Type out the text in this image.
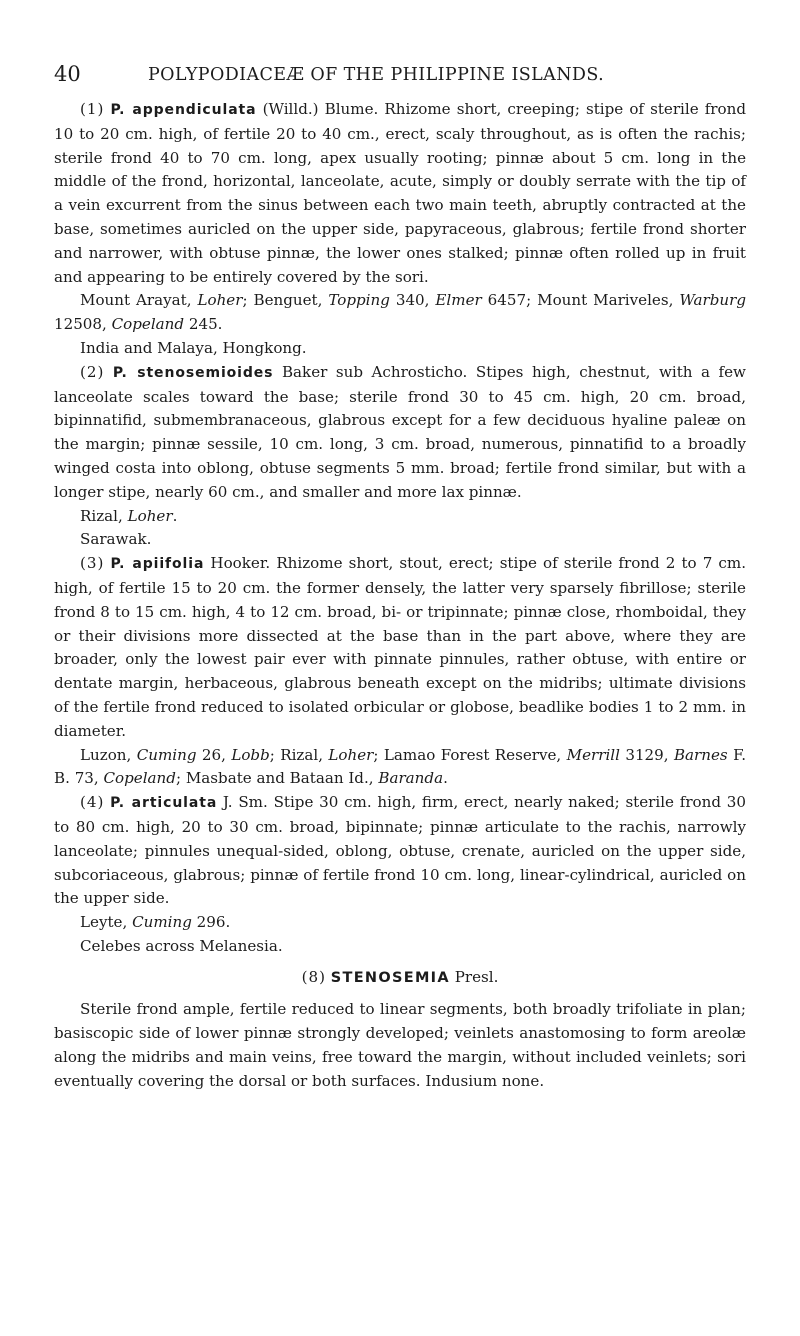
40	POLYPODIACEÆ OF THE PHILIPPINE ISLANDS.

(1) P. appendiculata (Willd.) Blume. Rhizome short, creeping; stipe of sterile frond 10 to 20 cm. high, of fertile 20 to 40 cm., erect, scaly throughout, as is often the rachis; sterile frond 40 to 70 cm. long, apex usually rooting; pinnæ about 5 cm. long in the middle of the frond, horizontal, lanceolate, acute, simply or doubly serrate with the tip of a vein excurrent from the sinus between each two main teeth, abruptly contracted at the base, sometimes auricled on the upper side, papyraceous, glabrous; fertile frond shorter and narrower, with obtuse pinnæ, the lower ones stalked; pinnæ often rolled up in fruit and appearing to be entirely covered by the sori.

Mount Arayat, Loher; Benguet, Topping 340, Elmer 6457; Mount Mariveles, Warburg 12508, Copeland 245.

India and Malaya, Hongkong.

(2) P. stenosemioides Baker sub Achrosticho. Stipes high, chestnut, with a few lanceolate scales toward the base; sterile frond 30 to 45 cm. high, 20 cm. broad, bipinnatifid, submembranaceous, glabrous except for a few deciduous hyaline paleæ on the margin; pinnæ sessile, 10 cm. long, 3 cm. broad, numerous, pinnatifid to a broadly winged costa into oblong, obtuse segments 5 mm. broad; fertile frond similar, but with a longer stipe, nearly 60 cm., and smaller and more lax pinnæ.

Rizal, Loher.

Sarawak.

(3) P. apiifolia Hooker. Rhizome short, stout, erect; stipe of sterile frond 2 to 7 cm. high, of fertile 15 to 20 cm. the former densely, the latter very sparsely fibrillose; sterile frond 8 to 15 cm. high, 4 to 12 cm. broad, bi- or tripinnate; pinnæ close, rhomboidal, they or their divisions more dissected at the base than in the part above, where they are broader, only the lowest pair ever with pinnate pinnules, rather obtuse, with entire or dentate margin, herbaceous, glabrous beneath except on the midribs; ultimate divisions of the fertile frond reduced to isolated orbicular or globose, beadlike bodies 1 to 2 mm. in diameter.

Luzon, Cuming 26, Lobb; Rizal, Loher; Lamao Forest Reserve, Merrill 3129, Barnes F. B. 73, Copeland; Masbate and Bataan Id., Baranda.

(4) P. articulata J. Sm. Stipe 30 cm. high, firm, erect, nearly naked; sterile frond 30 to 80 cm. high, 20 to 30 cm. broad, bipinnate; pinnæ articulate to the rachis, narrowly lanceolate; pinnules unequal-sided, oblong, obtuse, crenate, auricled on the upper side, subcoriaceous, glabrous; pinnæ of fertile frond 10 cm. long, linear-cylindrical, auricled on the upper side.

Leyte, Cuming 296.

Celebes across Melanesia.

(8) STENOSEMIA Presl.

Sterile frond ample, fertile reduced to linear segments, both broadly trifoliate in plan; basiscopic side of lower pinnæ strongly developed; veinlets anastomosing to form areolæ along the midribs and main veins, free toward the margin, without included veinlets; sori eventually covering the dorsal or both surfaces. Indusium none.
